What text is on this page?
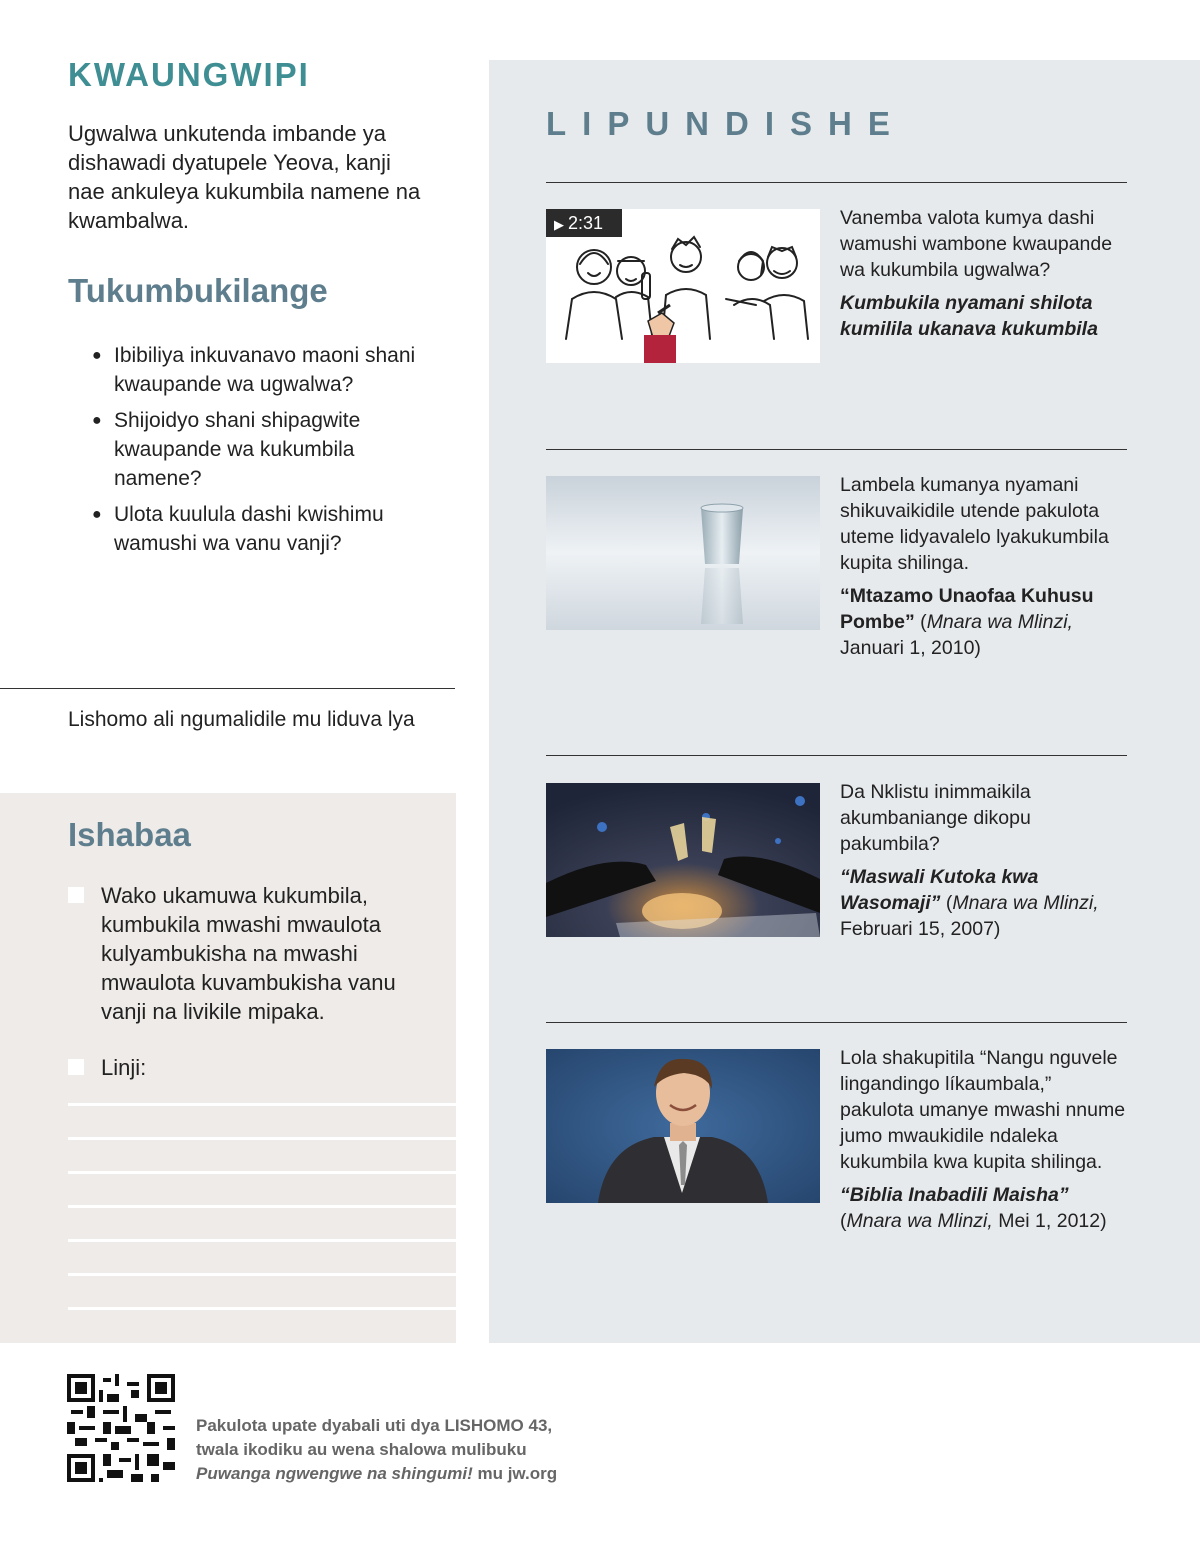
KWAUNGWIPI

Ugwalwa unkutenda imbande ya dishawadi dyatupele Yeova, kanji nae ankuleya kukumbila namene na kwambalwa.

Tukumbukilange
● Ibibiliya inkuvanavo maoni shani kwaupande wa ugwalwa?
● Shijoidyo shani shipagwite kwaupande wa kukumbila namene?
● Ulota kuulula dashi kwishimu wamushi wa vanu vanji?

Lishomo ali ngumalidile mu liduva lya

Ishabaa
Wako ukamuwa kukumbila, kumbukila mwashi mwaulota kulyambukisha na mwashi mwaulota kuvambukisha vanu vanji na livikile mipaka.
Linji:
LIPUNDISHE
▶ 2:31	Vanemba valota kumya dashi wamushi wambone kwaupande wa kukumbila ugwalwa?

Kumbukila nyamani shilota kumilila ukanava kukumbila

Lambela kumanya nyamani shikuvaikidile utende pakulota uteme lidyavalelo lyakukumbila kupita shilinga.

“Mtazamo Unaofaa Kuhusu Pombe” (Mnara wa Mlinzi,
Januari 1, 2010)

Da Nklistu inimmaikila akumbaniange dikopu pakumbila?

“Maswali Kutoka kwa Wasomaji” (Mnara wa Mlinzi,
Februari 15, 2007)

Lola shakupitila “Nangu nguvele lingandingo líkaumbala,” pakulota umanye mwashi nnume jumo mwaukidile ndaleka kukumbila kwa kupita shilinga.

“Biblia Inabadili Maisha”
(Mnara wa Mlinzi, Mei 1, 2012)

Pakulota upate dyabali uti dya LISHOMO 43,
twala ikodiku au wena shalowa mulibuku
Puwanga ngwengwe na shingumi! mu jw.org
